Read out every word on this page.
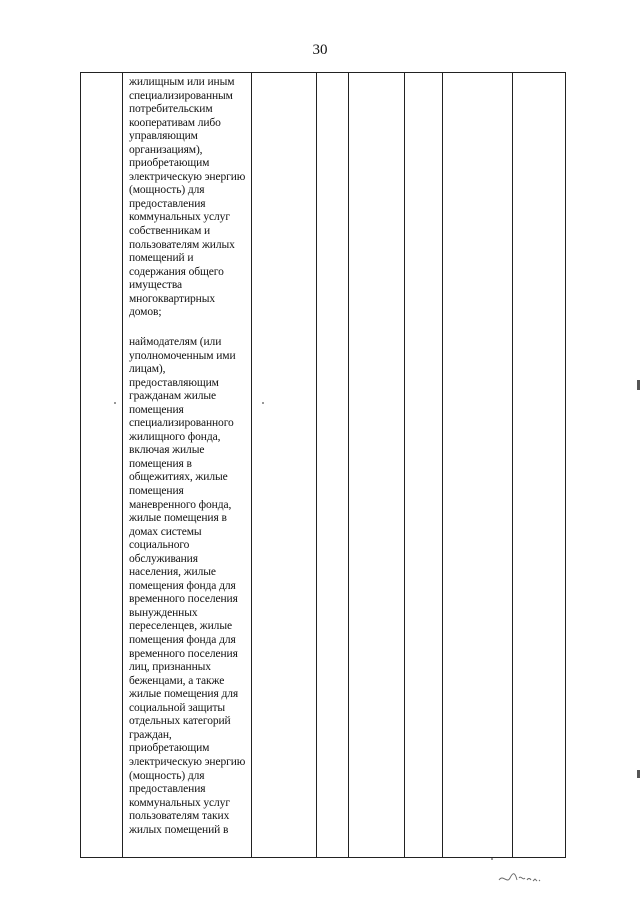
30
жилищным или иным
специализированным
потребительским
кооперативам либо
управляющим
организациям),
приобретающим
электрическую энергию
(мощность) для
предоставления
коммунальных услуг
собственникам и
пользователям жилых
помещений и
содержания общего
имущества
многоквартирных
домов;
наймодателям (или
уполномоченным ими
лицам),
предоставляющим
гражданам жилые
помещения
специализированного
жилищного фонда,
включая жилые
помещения в
общежитиях, жилые
помещения
маневренного фонда,
жилые помещения в
домах системы
социального
обслуживания
населения, жилые
помещения фонда для
временного поселения
вынужденных
переселенцев, жилые
помещения фонда для
временного поселения
лиц, признанных
беженцами, а также
жилые помещения для
социальной защиты
отдельных категорий
граждан,
приобретающим
электрическую энергию
(мощность) для
предоставления
коммунальных услуг
пользователям таких
жилых помещений в
